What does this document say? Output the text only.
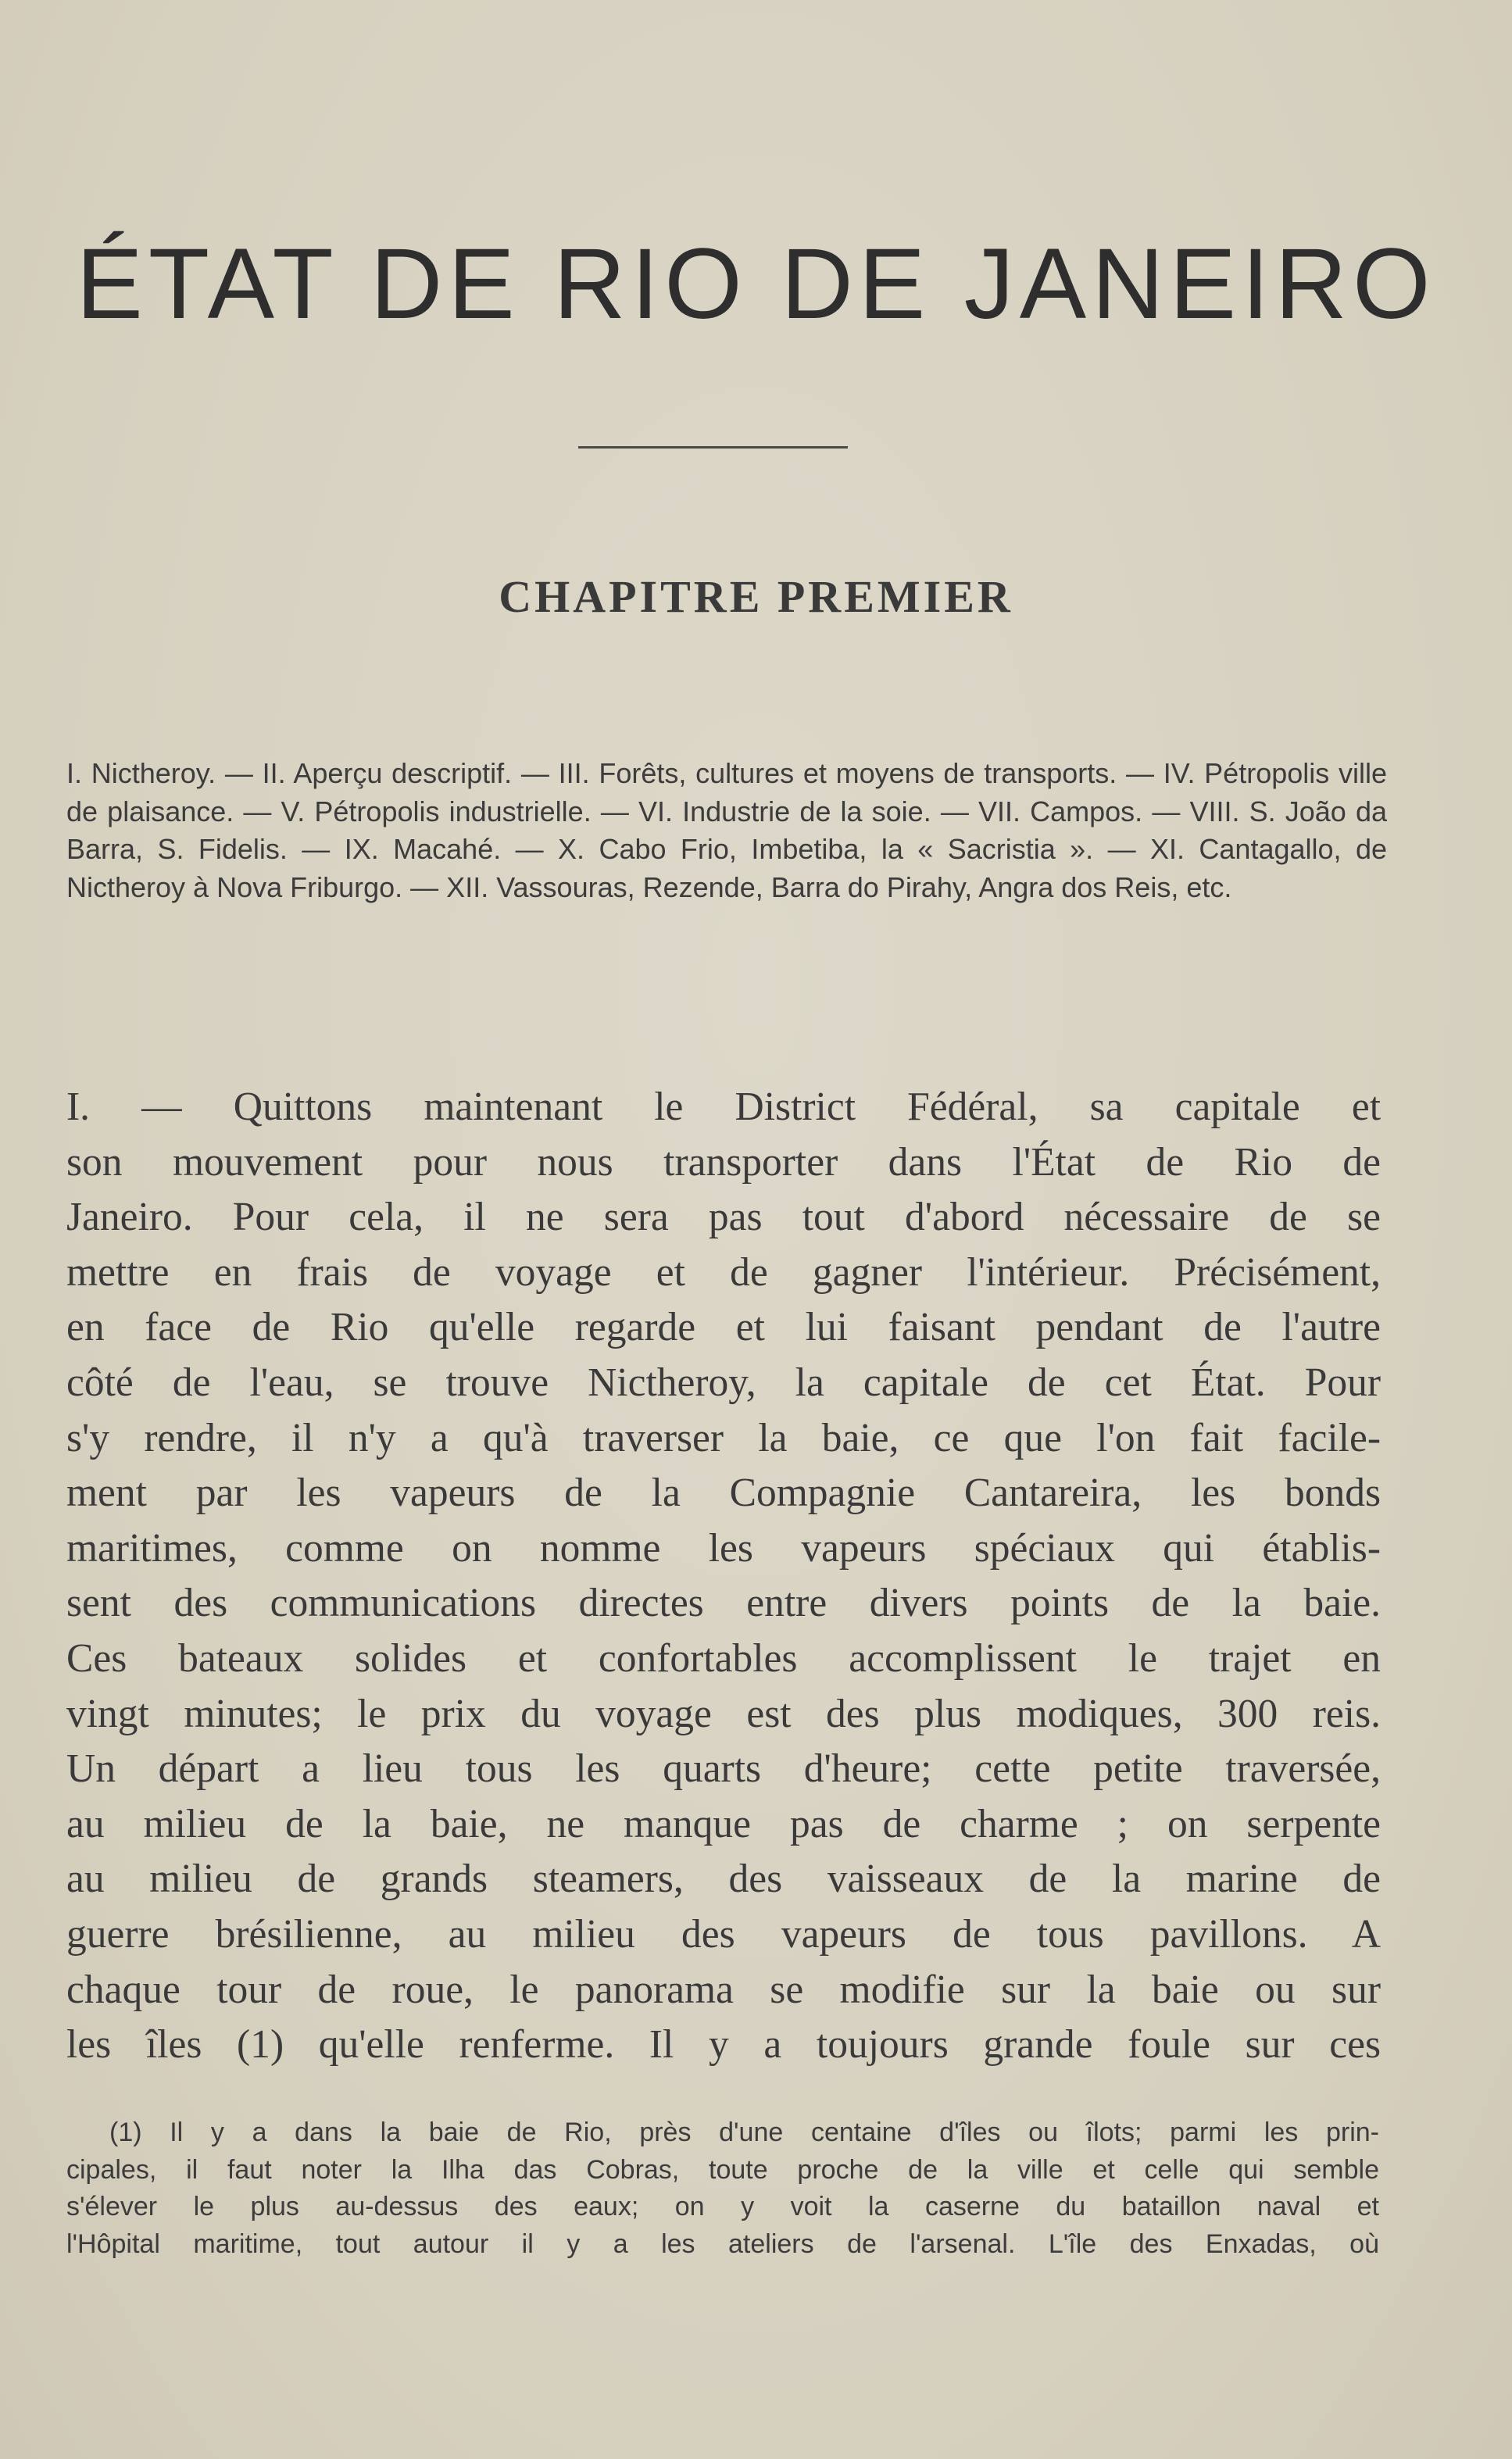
ÉTAT DE RIO DE JANEIRO
CHAPITRE PREMIER

I. Nictheroy. — II. Aperçu descriptif. — III. Forêts, cultures et moyens de transports. — IV. Pétropolis ville de plaisance. — V. Pétropolis industrielle. — VI. Industrie de la soie. — VII. Campos. — VIII. S. João da Barra, S. Fidelis. — IX. Macahé. — X. Cabo Frio, Imbetiba, la « Sacristia ». — XI. Cantagallo, de Nictheroy à Nova Friburgo. — XII. Vassouras, Rezende, Barra do Pirahy, Angra dos Reis, etc.

I. — Quittons maintenant le District Fédéral, sa capitale et
son mouvement pour nous transporter dans l'État de Rio de
Janeiro. Pour cela, il ne sera pas tout d'abord nécessaire de se
mettre en frais de voyage et de gagner l'intérieur. Précisément,
en face de Rio qu'elle regarde et lui faisant pendant de l'autre
côté de l'eau, se trouve Nictheroy, la capitale de cet État. Pour
s'y rendre, il n'y a qu'à traverser la baie, ce que l'on fait facile-
ment par les vapeurs de la Compagnie Cantareira, les bonds
maritimes, comme on nomme les vapeurs spéciaux qui établis-
sent des communications directes entre divers points de la baie.
Ces bateaux solides et confortables accomplissent le trajet en
vingt minutes; le prix du voyage est des plus modiques, 300 reis.
Un départ a lieu tous les quarts d'heure; cette petite traversée,
au milieu de la baie, ne manque pas de charme ; on serpente
au milieu de grands steamers, des vaisseaux de la marine de
guerre brésilienne, au milieu des vapeurs de tous pavillons. A
chaque tour de roue, le panorama se modifie sur la baie ou sur
les îles (1) qu'elle renferme. Il y a toujours grande foule sur ces
(1) Il y a dans la baie de Rio, près d'une centaine d'îles ou îlots; parmi les prin-
cipales, il faut noter la Ilha das Cobras, toute proche de la ville et celle qui semble
s'élever le plus au-dessus des eaux; on y voit la caserne du bataillon naval et
l'Hôpital maritime, tout autour il y a les ateliers de l'arsenal. L'île des Enxadas, où
